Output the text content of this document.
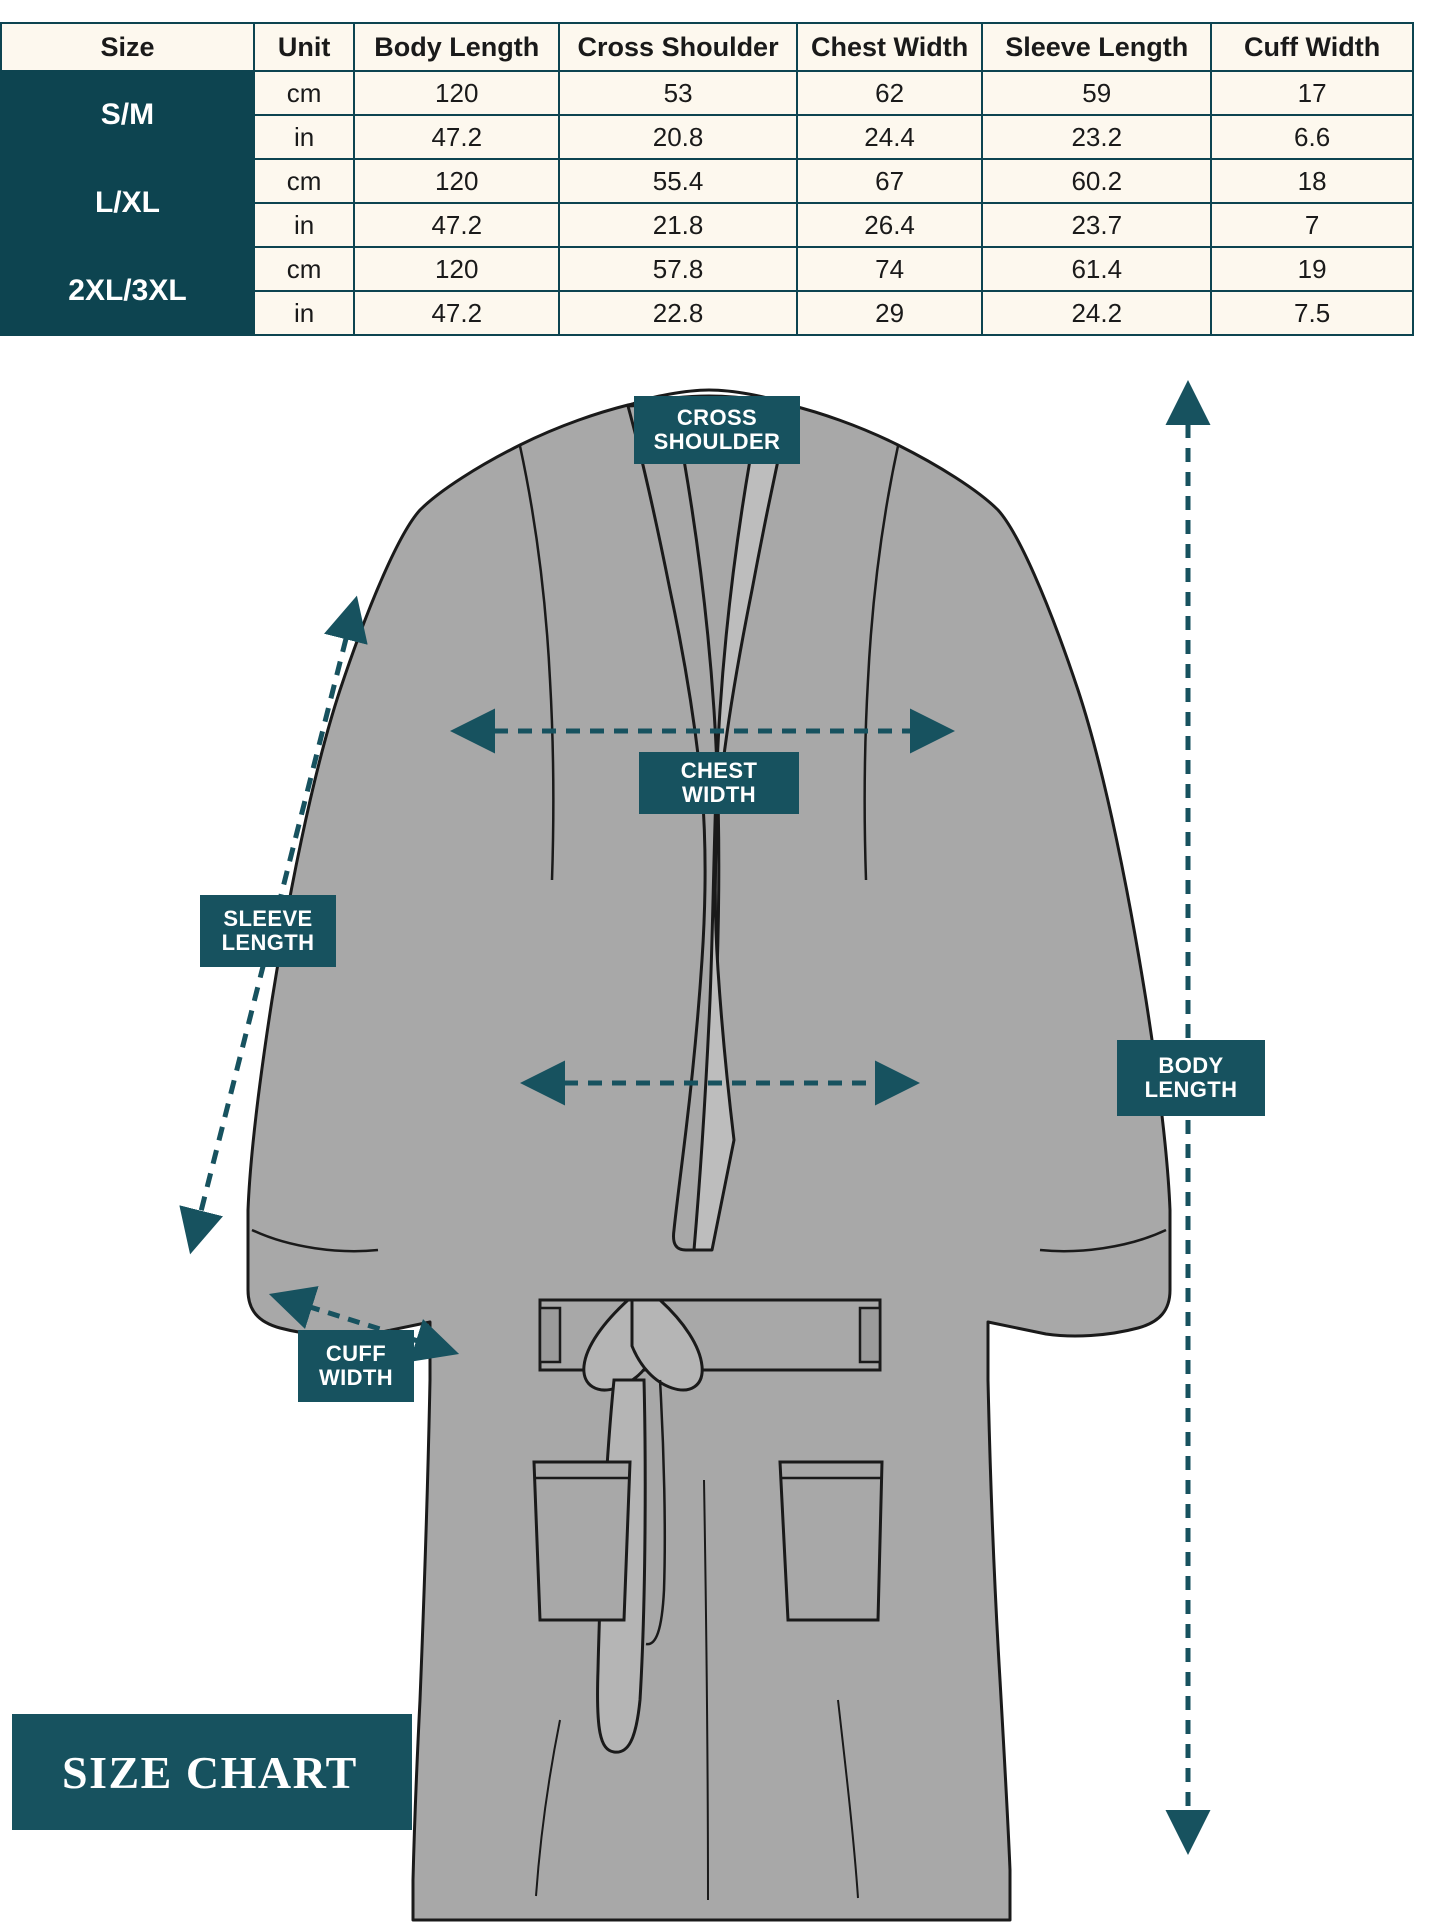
Size	Unit	Body Length	Cross Shoulder	Chest Width	Sleeve Length	Cuff Width
S/M	cm	120	53	62	59	17
	in	47.2	20.8	24.4	23.2	6.6
L/XL	cm	120	55.4	67	60.2	18
	in	47.2	21.8	26.4	23.7	7
2XL/3XL	cm	120	57.8	74	61.4	19
	in	47.2	22.8	29	24.2	7.5
CROSS
SHOULDER
CHEST
WIDTH
SLEEVE
LENGTH
CUFF
WIDTH
BODY
LENGTH
SIZE CHART
